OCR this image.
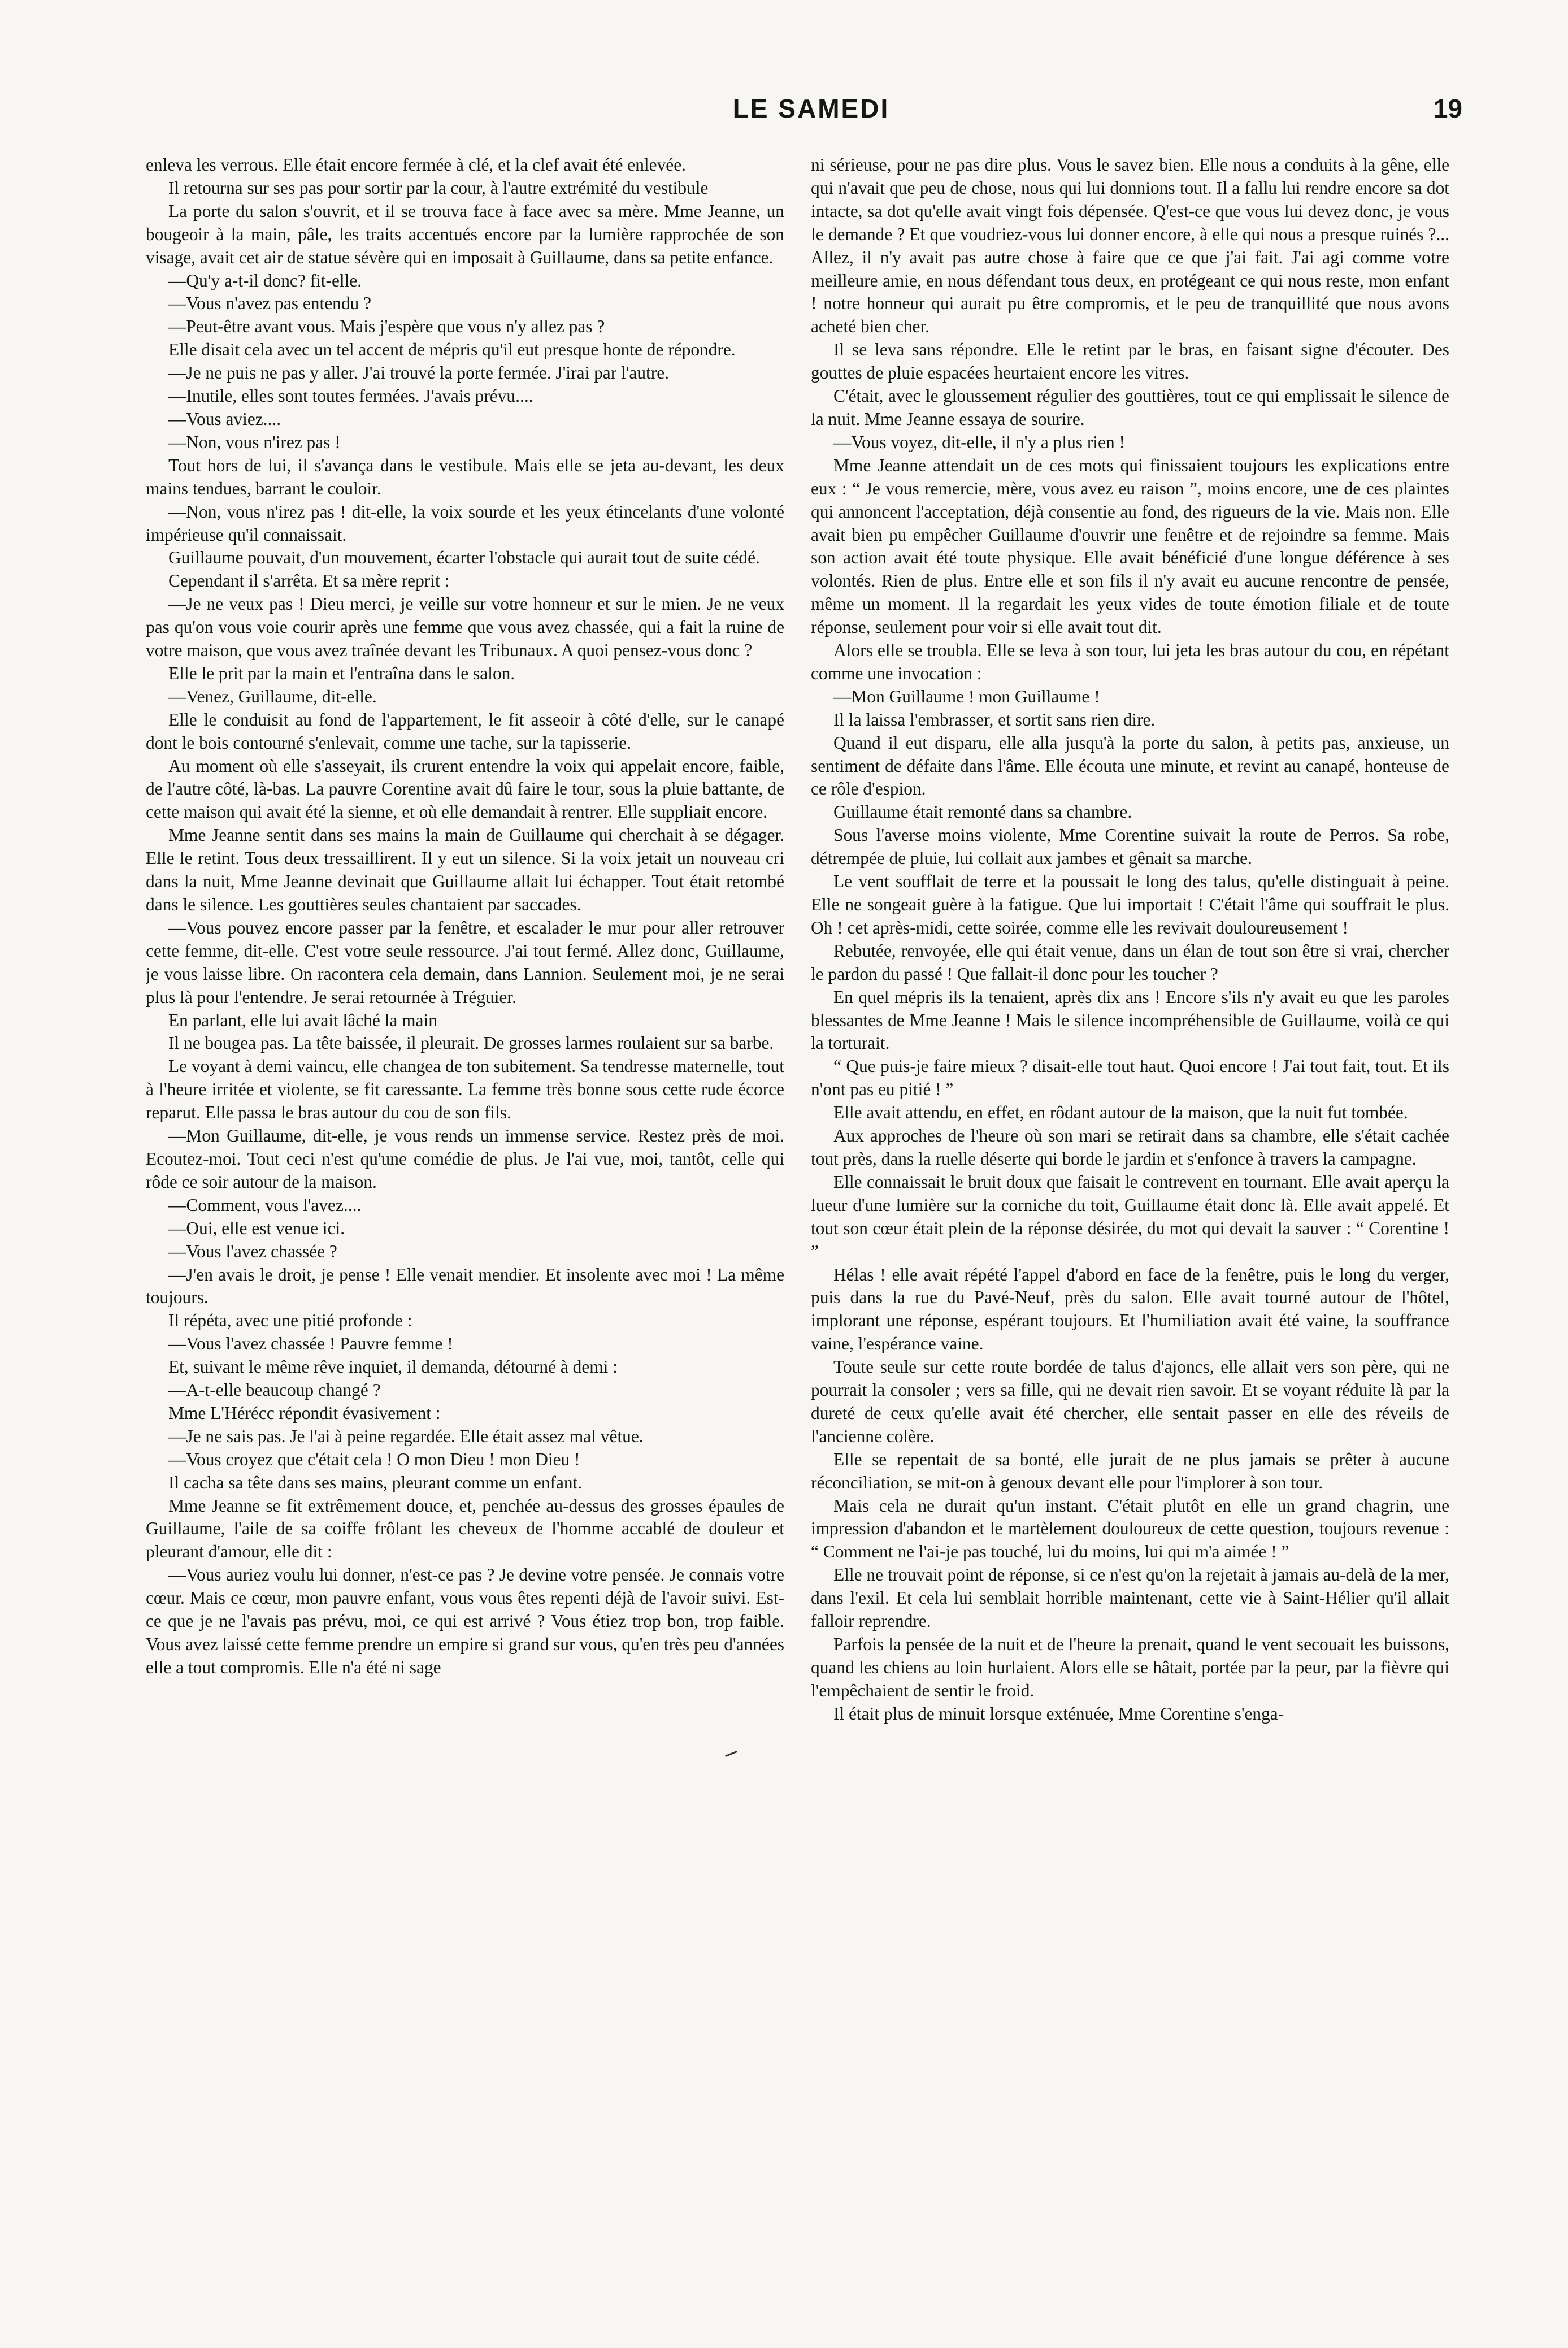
LE SAMEDI	19

enleva les verrous. Elle était encore fermée à clé, et la clef avait été enlevée.

Il retourna sur ses pas pour sortir par la cour, à l'autre extrémité du vestibule

La porte du salon s'ouvrit, et il se trouva face à face avec sa mère. Mme Jeanne, un bougeoir à la main, pâle, les traits accentués encore par la lumière rapprochée de son visage, avait cet air de statue sévère qui en imposait à Guillaume, dans sa petite enfance.

—Qu'y a-t-il donc? fit-elle.

—Vous n'avez pas entendu ?

—Peut-être avant vous. Mais j'espère que vous n'y allez pas ?

Elle disait cela avec un tel accent de mépris qu'il eut presque honte de répondre.

—Je ne puis ne pas y aller. J'ai trouvé la porte fermée. J'irai par l'autre.

—Inutile, elles sont toutes fermées. J'avais prévu....

—Vous aviez....

—Non, vous n'irez pas !

Tout hors de lui, il s'avança dans le vestibule. Mais elle se jeta au-devant, les deux mains tendues, barrant le couloir.

—Non, vous n'irez pas ! dit-elle, la voix sourde et les yeux étincelants d'une volonté impérieuse qu'il connaissait.

Guillaume pouvait, d'un mouvement, écarter l'obstacle qui aurait tout de suite cédé.

Cependant il s'arrêta. Et sa mère reprit :

—Je ne veux pas ! Dieu merci, je veille sur votre honneur et sur le mien. Je ne veux pas qu'on vous voie courir après une femme que vous avez chassée, qui a fait la ruine de votre maison, que vous avez traînée devant les Tribunaux. A quoi pensez-vous donc ?

Elle le prit par la main et l'entraîna dans le salon.

—Venez, Guillaume, dit-elle.

Elle le conduisit au fond de l'appartement, le fit asseoir à côté d'elle, sur le canapé dont le bois contourné s'enlevait, comme une tache, sur la tapisserie.

Au moment où elle s'asseyait, ils crurent entendre la voix qui appelait encore, faible, de l'autre côté, là-bas. La pauvre Corentine avait dû faire le tour, sous la pluie battante, de cette maison qui avait été la sienne, et où elle demandait à rentrer. Elle suppliait encore.

Mme Jeanne sentit dans ses mains la main de Guillaume qui cherchait à se dégager. Elle le retint. Tous deux tressaillirent. Il y eut un silence. Si la voix jetait un nouveau cri dans la nuit, Mme Jeanne devinait que Guillaume allait lui échapper. Tout était retombé dans le silence. Les gouttières seules chantaient par saccades.

—Vous pouvez encore passer par la fenêtre, et escalader le mur pour aller retrouver cette femme, dit-elle. C'est votre seule ressource. J'ai tout fermé. Allez donc, Guillaume, je vous laisse libre. On racontera cela demain, dans Lannion. Seulement moi, je ne serai plus là pour l'entendre. Je serai retournée à Tréguier.

En parlant, elle lui avait lâché la main

Il ne bougea pas. La tête baissée, il pleurait. De grosses larmes roulaient sur sa barbe.

Le voyant à demi vaincu, elle changea de ton subitement. Sa tendresse maternelle, tout à l'heure irritée et violente, se fit caressante. La femme très bonne sous cette rude écorce reparut. Elle passa le bras autour du cou de son fils.

—Mon Guillaume, dit-elle, je vous rends un immense service. Restez près de moi. Ecoutez-moi. Tout ceci n'est qu'une comédie de plus. Je l'ai vue, moi, tantôt, celle qui rôde ce soir autour de la maison.

—Comment, vous l'avez....

—Oui, elle est venue ici.

—Vous l'avez chassée ?

—J'en avais le droit, je pense ! Elle venait mendier. Et insolente avec moi ! La même toujours.

Il répéta, avec une pitié profonde :

—Vous l'avez chassée ! Pauvre femme !

Et, suivant le même rêve inquiet, il demanda, détourné à demi :

—A-t-elle beaucoup changé ?

Mme L'Hérécc répondit évasivement :

—Je ne sais pas. Je l'ai à peine regardée. Elle était assez mal vêtue.

—Vous croyez que c'était cela ! O mon Dieu ! mon Dieu !

Il cacha sa tête dans ses mains, pleurant comme un enfant.

Mme Jeanne se fit extrêmement douce, et, penchée au-dessus des grosses épaules de Guillaume, l'aile de sa coiffe frôlant les cheveux de l'homme accablé de douleur et pleurant d'amour, elle dit :

—Vous auriez voulu lui donner, n'est-ce pas ? Je devine votre pensée. Je connais votre cœur. Mais ce cœur, mon pauvre enfant, vous vous êtes repenti déjà de l'avoir suivi. Est-ce que je ne l'avais pas prévu, moi, ce qui est arrivé ? Vous étiez trop bon, trop faible. Vous avez laissé cette femme prendre un empire si grand sur vous, qu'en très peu d'années elle a tout compromis. Elle n'a été ni sage

ni sérieuse, pour ne pas dire plus. Vous le savez bien. Elle nous a conduits à la gêne, elle qui n'avait que peu de chose, nous qui lui donnions tout. Il a fallu lui rendre encore sa dot intacte, sa dot qu'elle avait vingt fois dépensée. Q'est-ce que vous lui devez donc, je vous le demande ? Et que voudriez-vous lui donner encore, à elle qui nous a presque ruinés ?... Allez, il n'y avait pas autre chose à faire que ce que j'ai fait. J'ai agi comme votre meilleure amie, en nous défendant tous deux, en protégeant ce qui nous reste, mon enfant ! notre honneur qui aurait pu être compromis, et le peu de tranquillité que nous avons acheté bien cher.

Il se leva sans répondre. Elle le retint par le bras, en faisant signe d'écouter. Des gouttes de pluie espacées heurtaient encore les vitres.

C'était, avec le gloussement régulier des gouttières, tout ce qui emplissait le silence de la nuit. Mme Jeanne essaya de sourire.

—Vous voyez, dit-elle, il n'y a plus rien !

Mme Jeanne attendait un de ces mots qui finissaient toujours les explications entre eux : “ Je vous remercie, mère, vous avez eu raison ”, moins encore, une de ces plaintes qui annoncent l'acceptation, déjà consentie au fond, des rigueurs de la vie. Mais non. Elle avait bien pu empêcher Guillaume d'ouvrir une fenêtre et de rejoindre sa femme. Mais son action avait été toute physique. Elle avait bénéficié d'une longue déférence à ses volontés. Rien de plus. Entre elle et son fils il n'y avait eu aucune rencontre de pensée, même un moment. Il la regardait les yeux vides de toute émotion filiale et de toute réponse, seulement pour voir si elle avait tout dit.

Alors elle se troubla. Elle se leva à son tour, lui jeta les bras autour du cou, en répétant comme une invocation :

—Mon Guillaume ! mon Guillaume !

Il la laissa l'embrasser, et sortit sans rien dire.

Quand il eut disparu, elle alla jusqu'à la porte du salon, à petits pas, anxieuse, un sentiment de défaite dans l'âme. Elle écouta une minute, et revint au canapé, honteuse de ce rôle d'espion.

Guillaume était remonté dans sa chambre.

Sous l'averse moins violente, Mme Corentine suivait la route de Perros. Sa robe, détrempée de pluie, lui collait aux jambes et gênait sa marche.

Le vent soufflait de terre et la poussait le long des talus, qu'elle distinguait à peine. Elle ne songeait guère à la fatigue. Que lui importait ! C'était l'âme qui souffrait le plus. Oh ! cet après-midi, cette soirée, comme elle les revivait douloureusement !

Rebutée, renvoyée, elle qui était venue, dans un élan de tout son être si vrai, chercher le pardon du passé ! Que fallait-il donc pour les toucher ?

En quel mépris ils la tenaient, après dix ans ! Encore s'ils n'y avait eu que les paroles blessantes de Mme Jeanne ! Mais le silence incompréhensible de Guillaume, voilà ce qui la torturait.

“ Que puis-je faire mieux ? disait-elle tout haut. Quoi encore ! J'ai tout fait, tout. Et ils n'ont pas eu pitié ! ”

Elle avait attendu, en effet, en rôdant autour de la maison, que la nuit fut tombée.

Aux approches de l'heure où son mari se retirait dans sa chambre, elle s'était cachée tout près, dans la ruelle déserte qui borde le jardin et s'enfonce à travers la campagne.

Elle connaissait le bruit doux que faisait le contrevent en tournant. Elle avait aperçu la lueur d'une lumière sur la corniche du toit, Guillaume était donc là. Elle avait appelé. Et tout son cœur était plein de la réponse désirée, du mot qui devait la sauver : “ Corentine ! ”

Hélas ! elle avait répété l'appel d'abord en face de la fenêtre, puis le long du verger, puis dans la rue du Pavé-Neuf, près du salon. Elle avait tourné autour de l'hôtel, implorant une réponse, espérant toujours. Et l'humiliation avait été vaine, la souffrance vaine, l'espérance vaine.

Toute seule sur cette route bordée de talus d'ajoncs, elle allait vers son père, qui ne pourrait la consoler ; vers sa fille, qui ne devait rien savoir. Et se voyant réduite là par la dureté de ceux qu'elle avait été chercher, elle sentait passer en elle des réveils de l'ancienne colère.

Elle se repentait de sa bonté, elle jurait de ne plus jamais se prêter à aucune réconciliation, se mit-on à genoux devant elle pour l'implorer à son tour.

Mais cela ne durait qu'un instant. C'était plutôt en elle un grand chagrin, une impression d'abandon et le martèlement douloureux de cette question, toujours revenue : “ Comment ne l'ai-je pas touché, lui du moins, lui qui m'a aimée ! ”

Elle ne trouvait point de réponse, si ce n'est qu'on la rejetait à jamais au-delà de la mer, dans l'exil. Et cela lui semblait horrible maintenant, cette vie à Saint-Hélier qu'il allait falloir reprendre.

Parfois la pensée de la nuit et de l'heure la prenait, quand le vent secouait les buissons, quand les chiens au loin hurlaient. Alors elle se hâtait, portée par la peur, par la fièvre qui l'empêchaient de sentir le froid.

Il était plus de minuit lorsque exténuée, Mme Corentine s'enga-
